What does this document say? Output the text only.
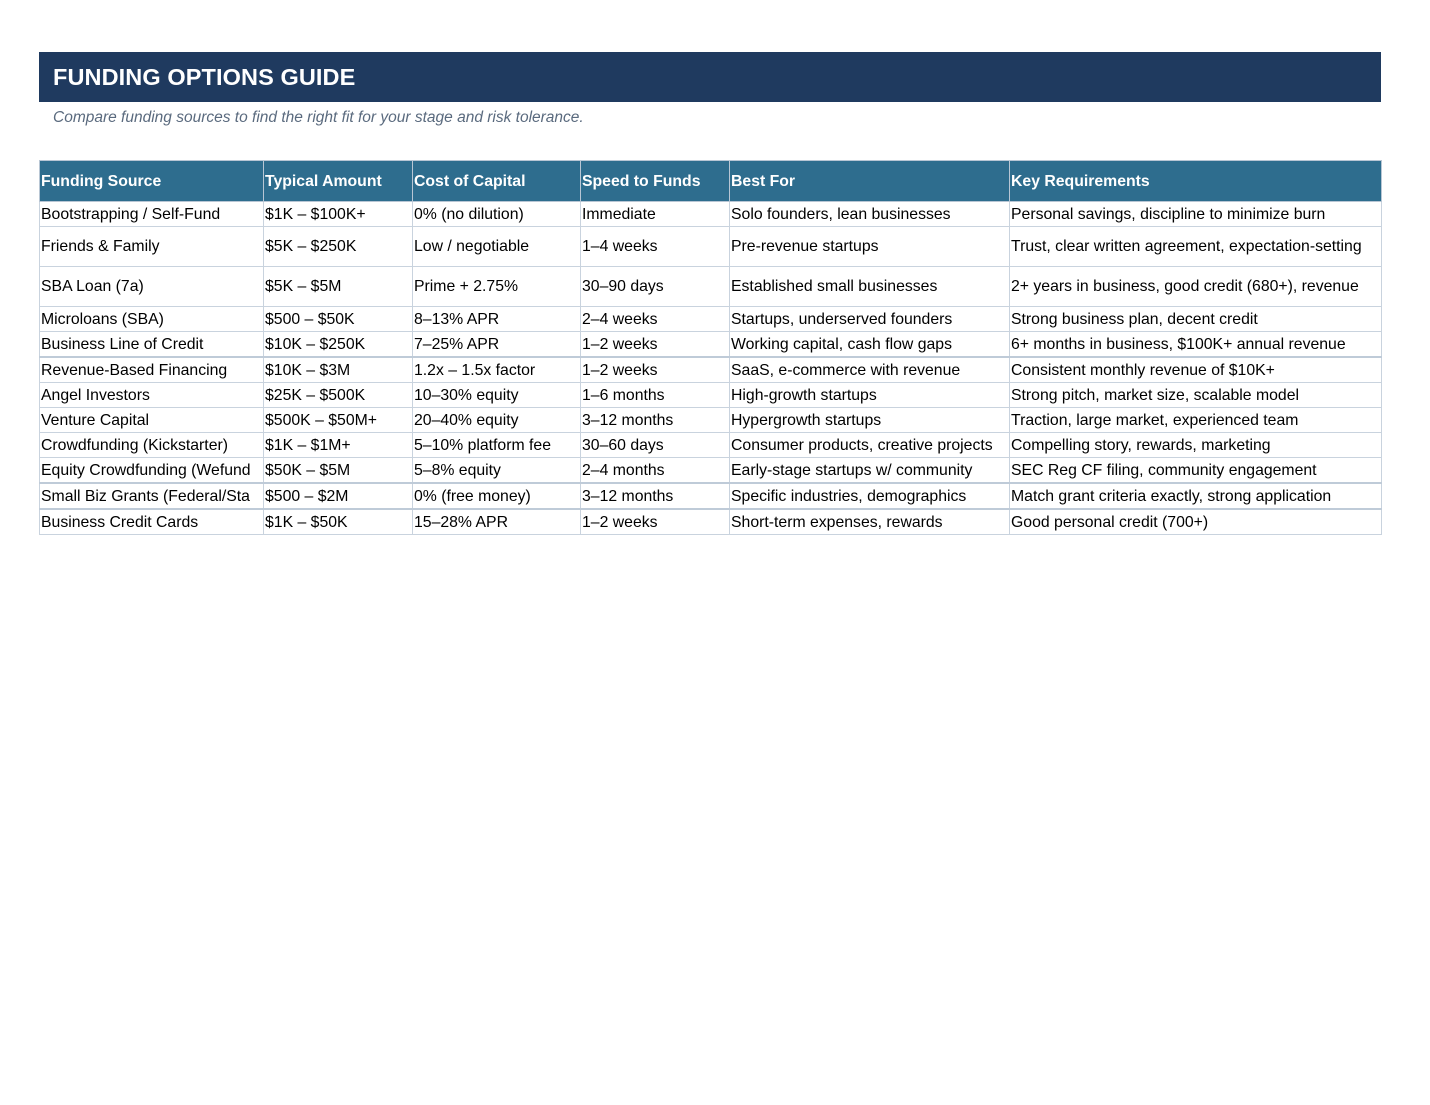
FUNDING OPTIONS GUIDE
Compare funding sources to find the right fit for your stage and risk tolerance.
Funding Source	Typical Amount	Cost of Capital	Speed to Funds	Best For	Key Requirements
Bootstrapping / Self-Fund	$1K – $100K+	0% (no dilution)	Immediate	Solo founders, lean businesses	Personal savings, discipline to minimize burn
Friends & Family	$5K – $250K	Low / negotiable	1–4 weeks	Pre-revenue startups	Trust, clear written agreement, expectation-setting
SBA Loan (7a)	$5K – $5M	Prime + 2.75%	30–90 days	Established small businesses	2+ years in business, good credit (680+), revenue
Microloans (SBA)	$500 – $50K	8–13% APR	2–4 weeks	Startups, underserved founders	Strong business plan, decent credit
Business Line of Credit	$10K – $250K	7–25% APR	1–2 weeks	Working capital, cash flow gaps	6+ months in business, $100K+ annual revenue
Revenue-Based Financing	$10K – $3M	1.2x – 1.5x factor	1–2 weeks	SaaS, e-commerce with revenue	Consistent monthly revenue of $10K+
Angel Investors	$25K – $500K	10–30% equity	1–6 months	High-growth startups	Strong pitch, market size, scalable model
Venture Capital	$500K – $50M+	20–40% equity	3–12 months	Hypergrowth startups	Traction, large market, experienced team
Crowdfunding (Kickstarter)	$1K – $1M+	5–10% platform fee	30–60 days	Consumer products, creative projects	Compelling story, rewards, marketing
Equity Crowdfunding (Wefund	$50K – $5M	5–8% equity	2–4 months	Early-stage startups w/ community	SEC Reg CF filing, community engagement
Small Biz Grants (Federal/Sta	$500 – $2M	0% (free money)	3–12 months	Specific industries, demographics	Match grant criteria exactly, strong application
Business Credit Cards	$1K – $50K	15–28% APR	1–2 weeks	Short-term expenses, rewards	Good personal credit (700+)
